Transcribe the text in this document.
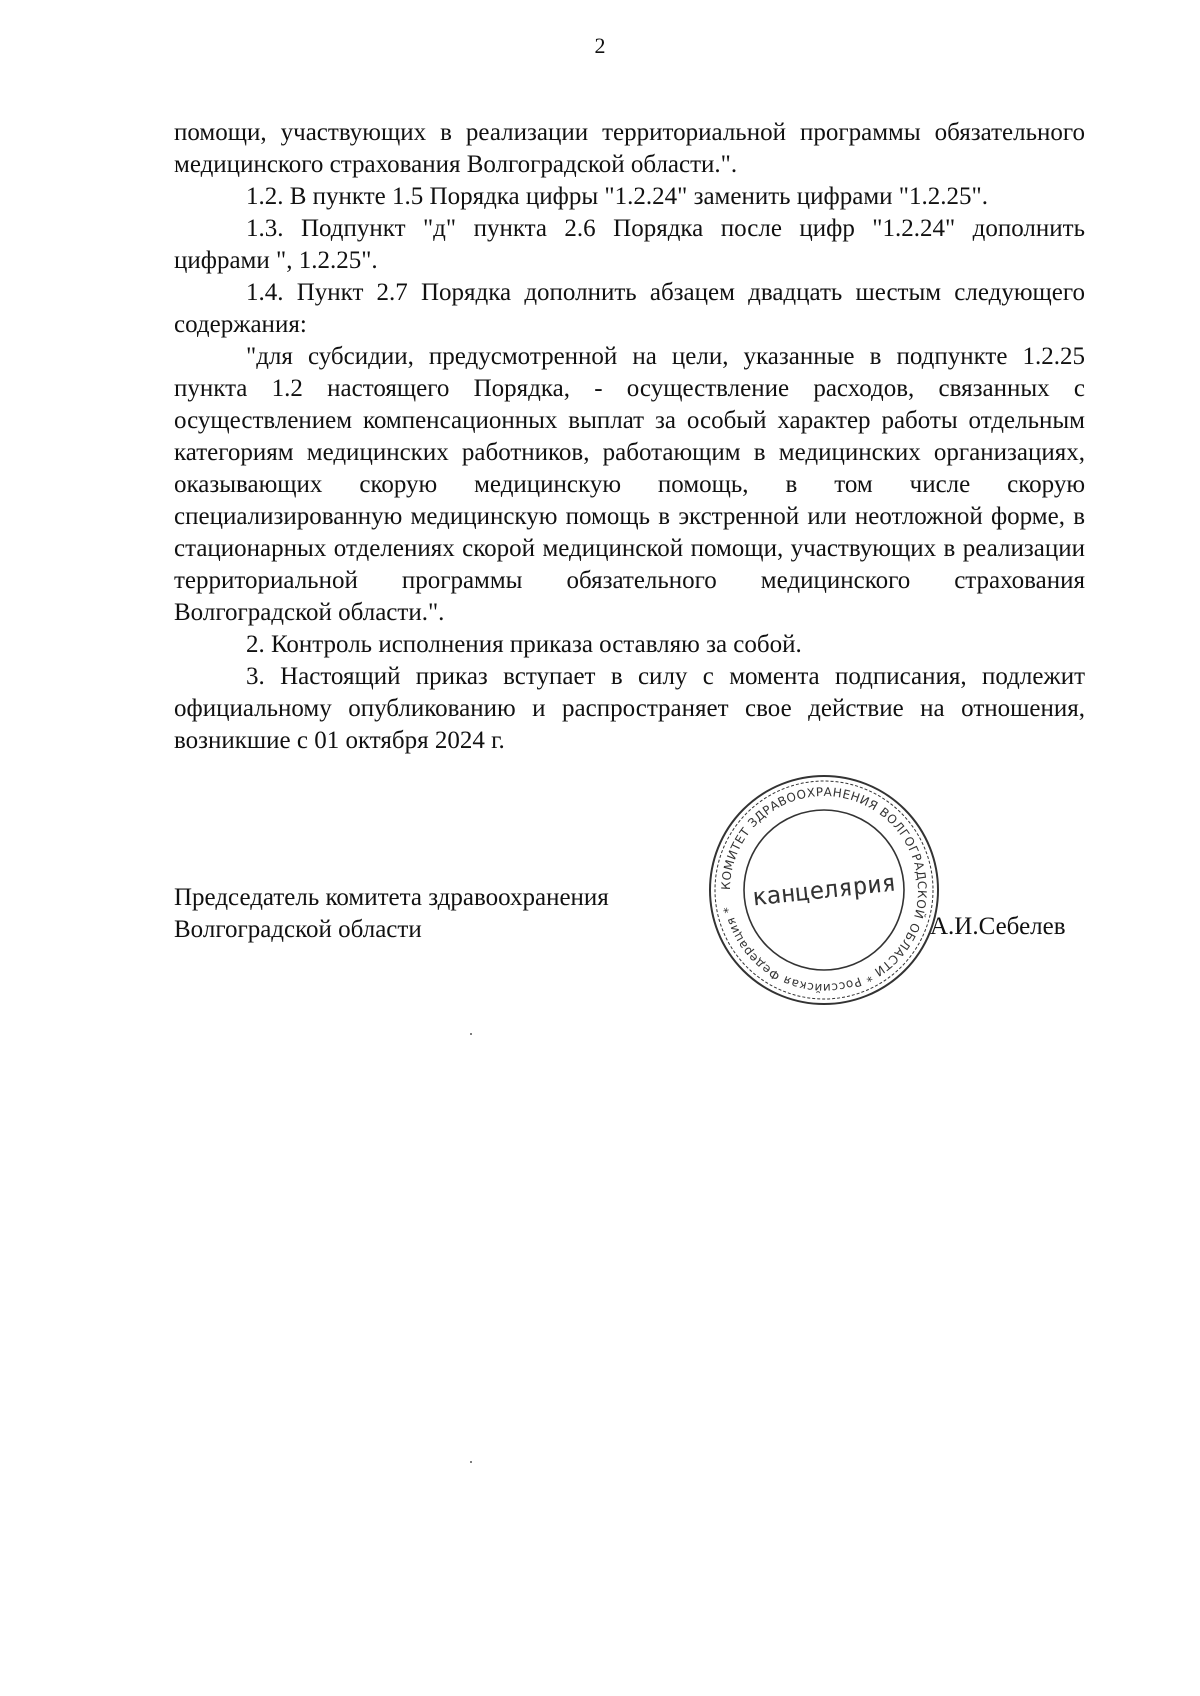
2

помощи, участвующих в реализации территориальной программы обязательного медицинского страхования Волгоградской области.".

1.2. В пункте 1.5 Порядка цифры "1.2.24" заменить цифрами "1.2.25".

1.3. Подпункт "д" пункта 2.6 Порядка после цифр "1.2.24" дополнить цифрами ", 1.2.25".

1.4. Пункт 2.7 Порядка дополнить абзацем двадцать шестым следующего содержания:

"для субсидии, предусмотренной на цели, указанные в подпункте 1.2.25 пункта 1.2 настоящего Порядка, - осуществление расходов, связанных с осуществлением компенсационных выплат за особый характер работы отдельным категориям медицинских работников, работающим в медицинских организациях, оказывающих скорую медицинскую помощь, в том числе скорую специализированную медицинскую помощь в экстренной или неотложной форме, в стационарных отделениях скорой медицинской помощи, участвующих в реализации территориальной программы обязательного медицинского страхования Волгоградской области.".

2. Контроль исполнения приказа оставляю за собой.

3. Настоящий приказ вступает в силу с момента подписания, подлежит официальному опубликованию и распространяет свое действие на отношения, возникшие с 01 октября 2024 г.

КОМИТЕТ ЗДРАВООХРАНЕНИЯ ВОЛГОГРАДСКОЙ ОБЛАСТИ * Российская Федерация * канцелярия
Председатель комитета здравоохранения
Волгоградской области	А.И.Себелев
